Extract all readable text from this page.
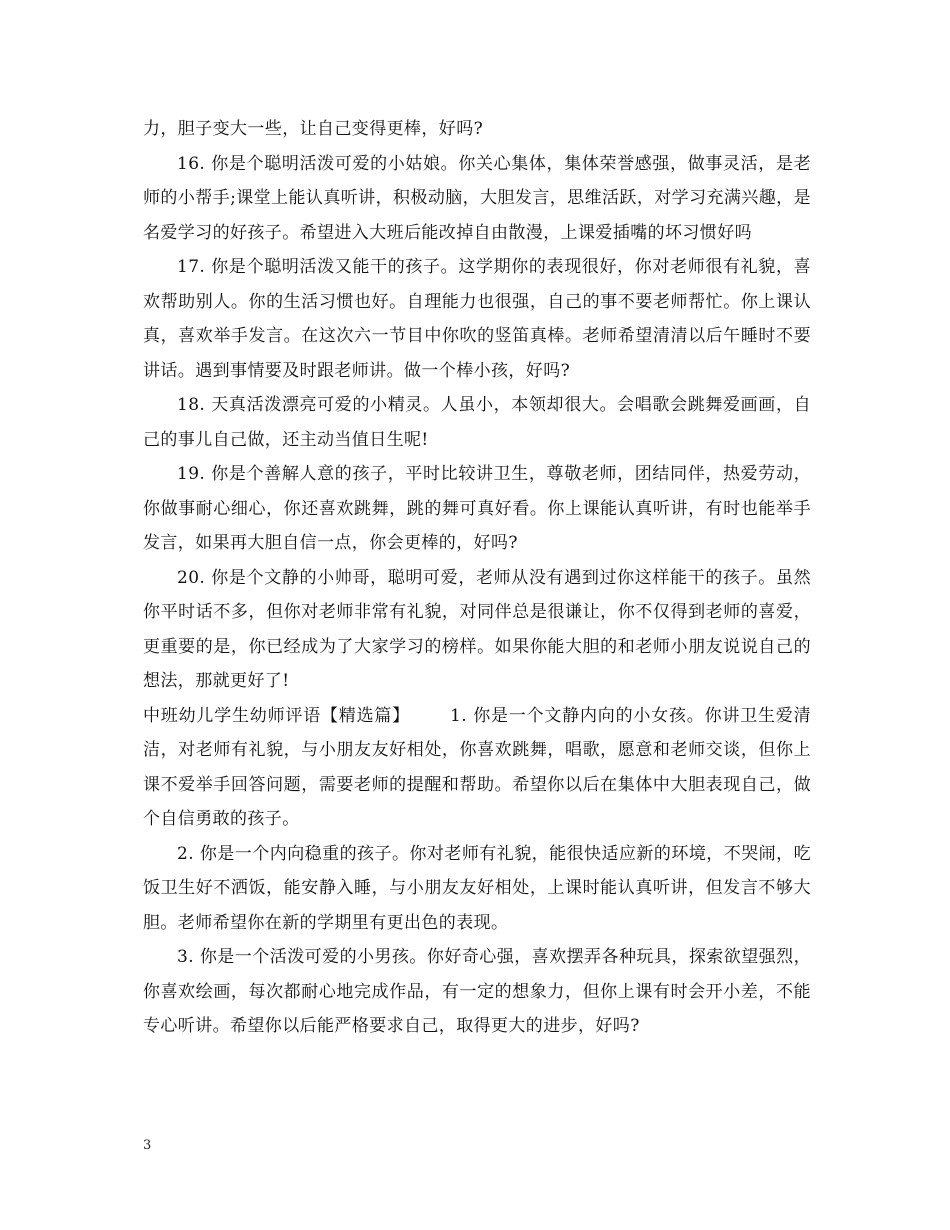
力，胆子变大一些，让自己变得更棒，好吗?

16. 你是个聪明活泼可爱的小姑娘。你关心集体，集体荣誉感强，做事灵活，是老师的小帮手;课堂上能认真听讲，积极动脑，大胆发言，思维活跃，对学习充满兴趣，是名爱学习的好孩子。希望进入大班后能改掉自由散漫，上课爱插嘴的坏习惯好吗

17. 你是个聪明活泼又能干的孩子。这学期你的表现很好，你对老师很有礼貌，喜欢帮助别人。你的生活习惯也好。自理能力也很强，自己的事不要老师帮忙。你上课认真，喜欢举手发言。在这次六一节目中你吹的竖笛真棒。老师希望清清以后午睡时不要讲话。遇到事情要及时跟老师讲。做一个棒小孩，好吗?

18. 天真活泼漂亮可爱的小精灵。人虽小，本领却很大。会唱歌会跳舞爱画画，自己的事儿自己做，还主动当值日生呢!

19. 你是个善解人意的孩子，平时比较讲卫生，尊敬老师，团结同伴，热爱劳动，你做事耐心细心，你还喜欢跳舞，跳的舞可真好看。你上课能认真听讲，有时也能举手发言，如果再大胆自信一点，你会更棒的，好吗?

20. 你是个文静的小帅哥，聪明可爱，老师从没有遇到过你这样能干的孩子。虽然你平时话不多，但你对老师非常有礼貌，对同伴总是很谦让，你不仅得到老师的喜爱，更重要的是，你已经成为了大家学习的榜样。如果你能大胆的和老师小朋友说说自己的想法，那就更好了!

中班幼儿学生幼师评语【精选篇】 1. 你是一个文静内向的小女孩。你讲卫生爱清洁，对老师有礼貌，与小朋友友好相处，你喜欢跳舞，唱歌，愿意和老师交谈，但你上课不爱举手回答问题，需要老师的提醒和帮助。希望你以后在集体中大胆表现自己，做个自信勇敢的孩子。

2. 你是一个内向稳重的孩子。你对老师有礼貌，能很快适应新的环境，不哭闹，吃饭卫生好不洒饭，能安静入睡，与小朋友友好相处，上课时能认真听讲，但发言不够大胆。老师希望你在新的学期里有更出色的表现。

3. 你是一个活泼可爱的小男孩。你好奇心强，喜欢摆弄各种玩具，探索欲望强烈，你喜欢绘画，每次都耐心地完成作品，有一定的想象力，但你上课有时会开小差，不能专心听讲。希望你以后能严格要求自己，取得更大的进步，好吗?

3
